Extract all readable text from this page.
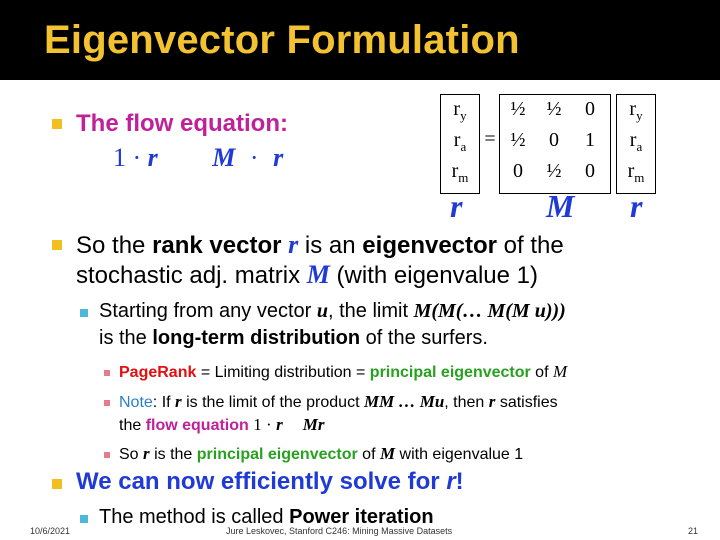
Eigenvector Formulation
The flow equation:
1 · r M · r
$r_y$
$r_a$
$r_m$
=
½	½	0
½	0	1
0	½	0
$r_y$
$r_a$
$r_m$
r	M r
So the rank vector r is an eigenvector of the
stochastic adj. matrix M (with eigenvalue 1)
Starting from any vector u, the limit M(M(… M(M u)))
is the long-term distribution of the surfers.
PageRank = Limiting distribution = principal eigenvector of M
Note: If r is the limit of the product MM … Mu, then r satisfies
the flow equation 1 · r Mr
So r is the principal eigenvector of M with eigenvalue 1
We can now efficiently solve for r!
The method is called Power iteration
10/6/2021	Jure Leskovec, Stanford C246: Mining Massive Datasets	21
